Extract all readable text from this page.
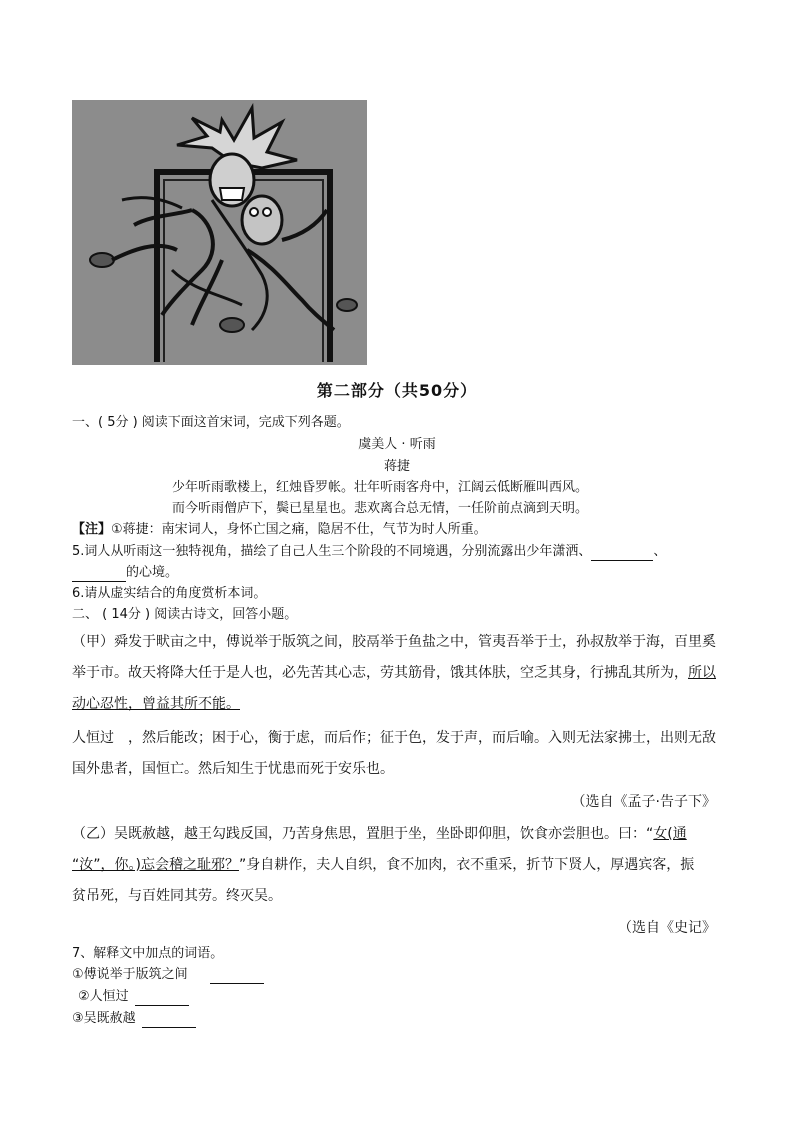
第二部分（共50分）
一、( 5分 ) 阅读下面这首宋词，完成下列各题。
虞美人 · 听雨
蒋捷
少年听雨歌楼上，红烛昏罗帐。壮年听雨客舟中，江阔云低断雁叫西风。
而今听雨僧庐下，鬓已星星也。悲欢离合总无情，一任阶前点滴到天明。
【注】①蒋捷：南宋词人，身怀亡国之痛，隐居不仕，气节为时人所重。
5.词人从听雨这一独特视角，描绘了自己人生三个阶段的不同境遇，分别流露出少年潇洒、	、
的心境。
6.请从虚实结合的角度赏析本词。
二、 ( 14分 ) 阅读古诗文，回答小题。
（甲）舜发于畎亩之中，傅说举于版筑之间，胶鬲举于鱼盐之中，管夷吾举于士，孙叔敖举于海，百里奚
举于市。故天将降大任于是人也，必先苦其心志，劳其筋骨，饿其体肤，空乏其身，行拂乱其所为，所以
动心忍性，曾益其所不能。
人恒过　，然后能改；困于心，衡于虑，而后作；征于色，发于声，而后喻。入则无法家拂士，出则无敌
国外患者，国恒亡。然后知生于忧患而死于安乐也。
（选自《孟子·告子下》
（乙）吴既赦越，越王勾践反国，乃苦身焦思，置胆于坐，坐卧即仰胆，饮食亦尝胆也。曰：“女(通
“汝”，你。)忘会稽之耻邪？”身自耕作，夫人自织，食不加肉，衣不重采，折节下贤人，厚遇宾客，振
贫吊死，与百姓同其劳。终灭吴。
（选自《史记》
7、解释文中加点的词语。
①傅说举于版筑之间
②人恒过
③吴既赦越
